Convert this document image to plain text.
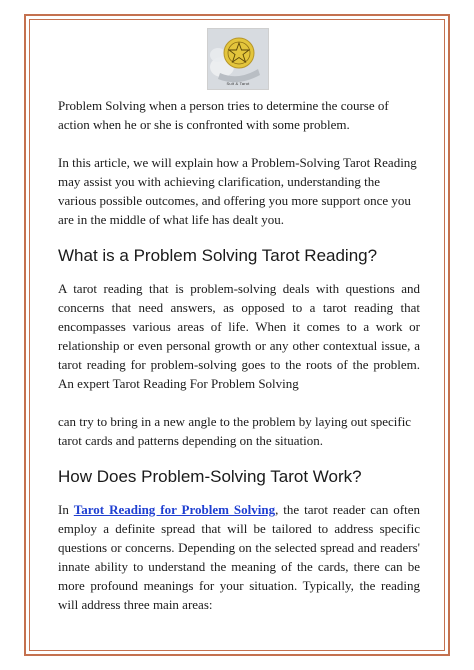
Suit & Tarot

Problem Solving when a person tries to determine the course of action when he or she is confronted with some problem.

In this article, we will explain how a Problem-Solving Tarot Reading may assist you with achieving clarification, understanding the various possible outcomes, and offering you more support once you are in the middle of what life has dealt you.

What is a Problem Solving Tarot Reading?

A tarot reading that is problem-solving deals with questions and concerns that need answers, as opposed to a tarot reading that encompasses various areas of life. When it comes to a work or relationship or even personal growth or any other contextual issue, a tarot reading for problem-solving goes to the roots of the problem. An expert Tarot Reading For Problem Solving

can try to bring in a new angle to the problem by laying out specific tarot cards and patterns depending on the situation.

How Does Problem-Solving Tarot Work?

In Tarot Reading for Problem Solving, the tarot reader can often employ a definite spread that will be tailored to address specific questions or concerns. Depending on the selected spread and readers' innate ability to understand the meaning of the cards, there can be more profound meanings for your situation. Typically, the reading will address three main areas:
